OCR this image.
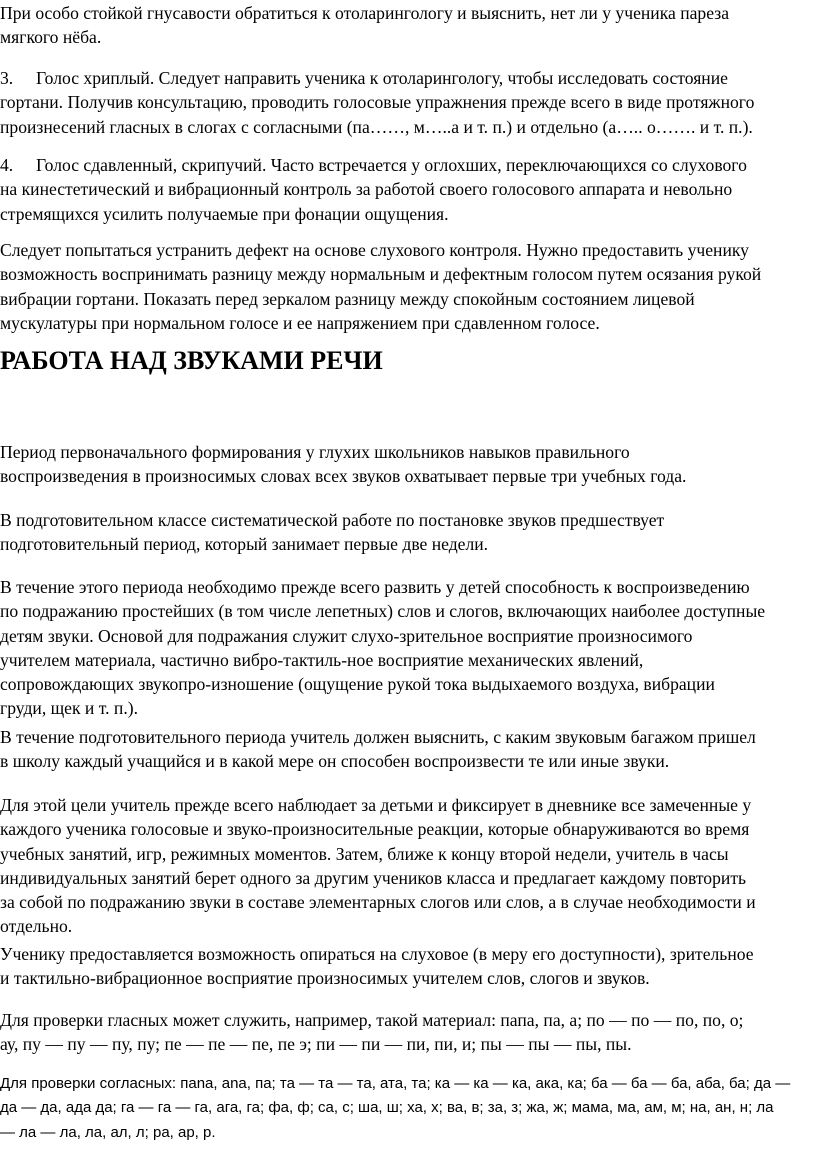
При особо стойкой гнусавости обратиться к отоларингологу и выяснить, нет ли у ученика пареза
мягкого нёба.
3. Голос хриплый. Следует направить ученика к отоларингологу, чтобы исследовать состояние
гортани. Получив консультацию, проводить голосовые упражнения прежде всего в виде протяжного
произнесений гласных в слогах с согласными (па……, м…..а и т. п.) и отдельно (а….. о……. и т. п.).
4. Голос сдавленный, скрипучий. Часто встречается у оглохших, переключающихся со слухового
на кинестетический и вибрационный контроль за работой своего голосового аппарата и невольно
стремящихся усилить получаемые при фонации ощущения.
Следует попытаться устранить дефект на основе слухового контроля. Нужно предоставить ученику
возможность воспринимать разницу между нормальным и дефектным голосом путем осязания рукой
вибрации гортани. Показать перед зеркалом разницу между спокойным состоянием лицевой
мускулатуры при нормальном голосе и ее напряжением при сдавленном голосе.
РАБОТА НАД ЗВУКАМИ РЕЧИ
Период первоначального формирования у глухих школьников навыков правильного
воспроизведения в произносимых словах всех звуков охватывает первые три учебных года.
В подготовительном классе систематической работе по постановке звуков предшествует
подготовительный период, который занимает первые две недели.
В течение этого периода необходимо прежде всего развить у детей способность к воспроизведению
по подражанию простейших (в том числе лепетных) слов и слогов, включающих наиболее доступные
детям звуки. Основой для подражания служит слухо-зрительное восприятие произносимого
учителем материала, частично вибро-тактиль-ное восприятие механических явлений,
сопровождающих звукопро-изношение (ощущение рукой тока выдыхаемого воздуха, вибрации
груди, щек и т. п.).
В течение подготовительного периода учитель должен выяснить, с каким звуковым багажом пришел
в школу каждый учащийся и в какой мере он способен воспроизвести те или иные звуки.
Для этой цели учитель прежде всего наблюдает за детьми и фиксирует в дневнике все замеченные у
каждого ученика голосовые и звуко-произносительные реакции, которые обнаруживаются во время
учебных занятий, игр, режимных моментов. Затем, ближе к концу второй недели, учитель в часы
индивидуальных занятий берет одного за другим учеников класса и предлагает каждому повторить
за собой по подражанию звуки в составе элементарных слогов или слов, а в случае необходимости и
отдельно.
Ученику предоставляется возможность опираться на слуховое (в меру его доступности), зрительное
и тактильно-вибрационное восприятие произносимых учителем слов, слогов и звуков.
Для проверки гласных может служить, например, такой материал: папа, па, а; по — по — по, по, о;
ау, пу — пу — пу, пу; пе — пе — пе, пе э; пи — пи — пи, пи, и; пы — пы — пы, пы.
Для проверки согласных: пana, ana, па; та — та — та, ата, та; ка — ка — ка, ака, ка; ба — ба — ба, аба, ба; да —
да — да, ада да; га — га — га, ага, га; фа, ф; са, с; ша, ш; ха, х; ва, в; за, з; жа, ж; мама, ма, ам, м; на, ан, н; ла
— ла — ла, ла, ал, л; ра, ар, р.
